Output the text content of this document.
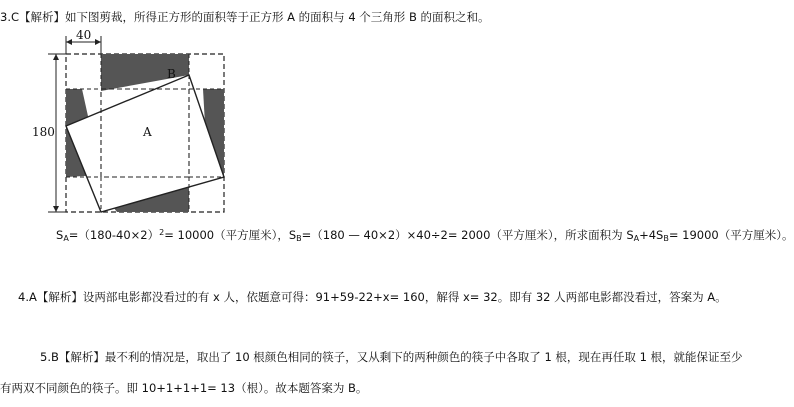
3.C【解析】如下图剪裁，所得正方形的面积等于正方形 A 的面积与 4 个三角形 B 的面积之和。
40
180	A
B
$S_A=(180-40\times 2)^2= 10000$（平方厘米），$S_B=(180$ — 40×2）×40÷2= 2000（平方厘米），所求面积为 $S_A+4S_B= 19000$（平方厘米）。
4.A【解析】设两部电影都没看过的有 x 人，依题意可得：91+59-22+x= 160，解得 x= 32。即有 32 人两部电影都没看过，答案为 A。
5.B【解析】最不利的情况是，取出了 10 根颜色相同的筷子，又从剩下的两种颜色的筷子中各取了 1 根，现在再任取 1 根，就能保证至少
有两双不同颜色的筷子。即 10+1+1+1= 13（根）。故本题答案为 B。
